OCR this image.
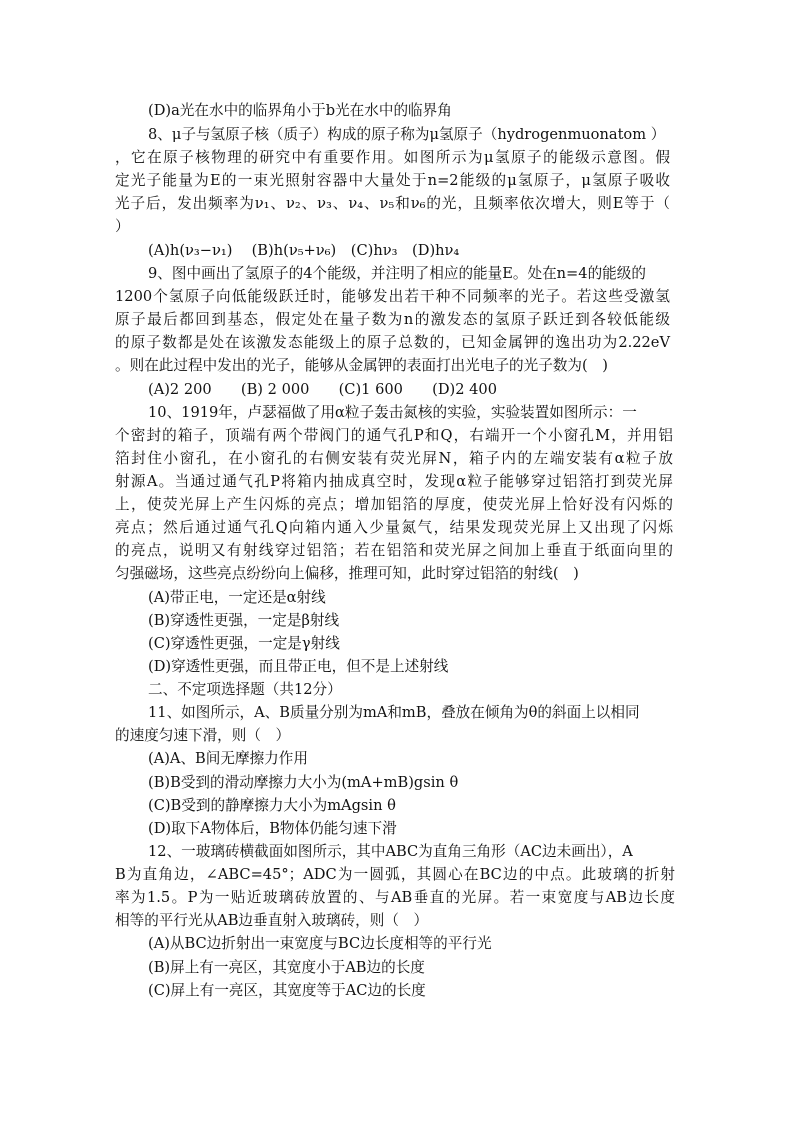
(D)a光在水中的临界角小于b光在水中的临界角
8、μ子与氢原子核（质子）构成的原子称为μ氢原子（hydrogenmuonatom ）
，它在原子核物理的研究中有重要作用。如图所示为μ氢原子的能级示意图。假
定光子能量为E的一束光照射容器中大量处于n=2能级的μ氢原子，μ氢原子吸收
光子后，发出频率为ν₁、ν₂、ν₃、ν₄、ν₅和ν₆的光，且频率依次增大，则E等于（
）
(A)h(ν₃−ν₁)　 (B)h(ν₅+ν₆)　(C)hν₃　(D)hν₄
9、图中画出了氢原子的4个能级，并注明了相应的能量E。处在n=4的能级的
1200个氢原子向低能级跃迁时，能够发出若干种不同频率的光子。若这些受激氢
原子最后都回到基态，假定处在量子数为n的激发态的氢原子跃迁到各较低能级
的原子数都是处在该激发态能级上的原子总数的，已知金属钾的逸出功为2.22eV
。则在此过程中发出的光子，能够从金属钾的表面打出光电子的光子数为(　)
(A)2 200　　(B) 2 000　　(C)1 600　　(D)2 400
10、1919年，卢瑟福做了用α粒子轰击氮核的实验，实验装置如图所示：一
个密封的箱子，顶端有两个带阀门的通气孔P和Q，右端开一个小窗孔M，并用铝
箔封住小窗孔，在小窗孔的右侧安装有荧光屏N，箱子内的左端安装有α粒子放
射源A。当通过通气孔P将箱内抽成真空时，发现α粒子能够穿过铝箔打到荧光屏
上，使荧光屏上产生闪烁的亮点；增加铝箔的厚度，使荧光屏上恰好没有闪烁的
亮点；然后通过通气孔Q向箱内通入少量氮气，结果发现荧光屏上又出现了闪烁
的亮点，说明又有射线穿过铝箔；若在铝箔和荧光屏之间加上垂直于纸面向里的
匀强磁场，这些亮点纷纷向上偏移，推理可知，此时穿过铝箔的射线(　)
(A)带正电，一定还是α射线
(B)穿透性更强，一定是β射线
(C)穿透性更强，一定是γ射线
(D)穿透性更强，而且带正电，但不是上述射线
二、不定项选择题（共12分）
11、如图所示，A、B质量分别为mA和mB，叠放在倾角为θ的斜面上以相同
的速度匀速下滑，则（　）
(A)A、B间无摩擦力作用
(B)B受到的滑动摩擦力大小为(mA+mB)gsin θ
(C)B受到的静摩擦力大小为mAgsin θ
(D)取下A物体后，B物体仍能匀速下滑
12、一玻璃砖横截面如图所示，其中ABC为直角三角形（AC边未画出），A
B为直角边，∠ABC=45°；ADC为一圆弧，其圆心在BC边的中点。此玻璃的折射
率为1.5。P为一贴近玻璃砖放置的、与AB垂直的光屏。若一束宽度与AB边长度
相等的平行光从AB边垂直射入玻璃砖，则（　）
(A)从BC边折射出一束宽度与BC边长度相等的平行光
(B)屏上有一亮区，其宽度小于AB边的长度
(C)屏上有一亮区，其宽度等于AC边的长度
